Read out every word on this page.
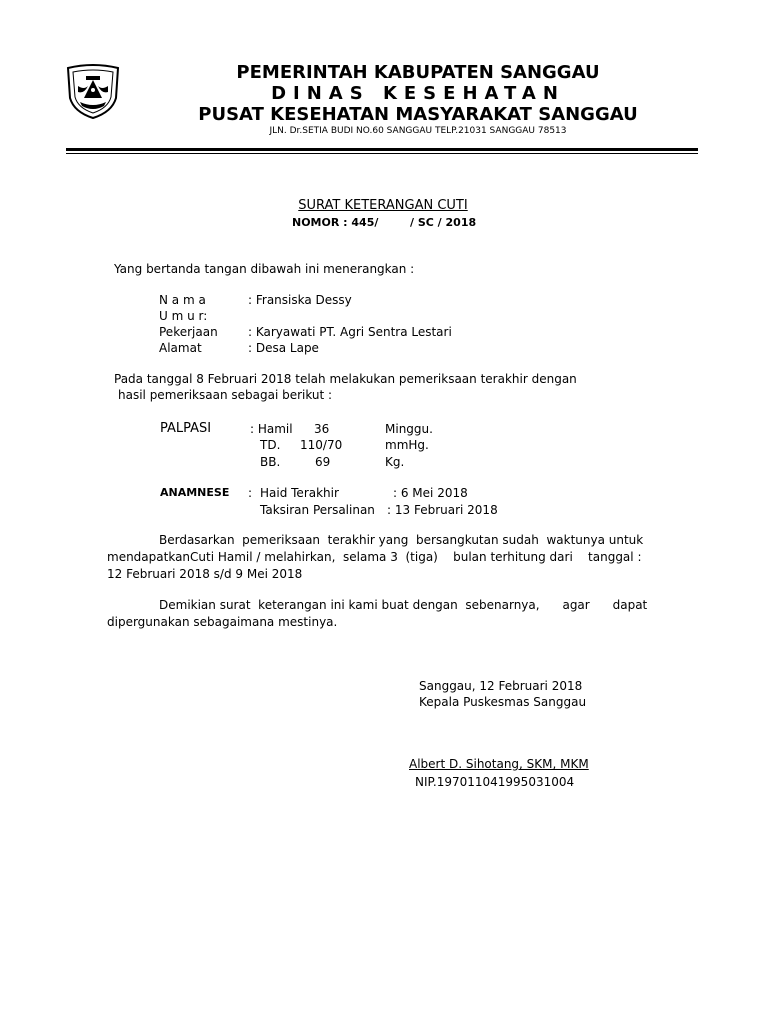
PEMERINTAH KABUPATEN SANGGAU
DINAS KESEHATAN
PUSAT KESEHATAN MASYARAKAT SANGGAU
JLN. Dr.SETIA BUDI NO.60 SANGGAU TELP.21031 SANGGAU 78513
SURAT KETERANGAN CUTI
NOMOR : 445/	/ SC / 2018
Yang bertanda tangan dibawah ini menerangkan :
N a m a	: Fransiska Dessy
U m u r:
Pekerjaan	: Karyawati PT. Agri Sentra Lestari
Alamat	: Desa Lape
Pada tanggal 8 Februari 2018 telah melakukan pemeriksaan terakhir dengan
hasil pemeriksaan sebagai berikut :
PALPASI	: Hamil 36	Minggu.
TD. 110/70	mmHg.
BB.	69	Kg.
ANAMNESE : Haid Terakhir	: 6 Mei 2018
Taksiran Persalinan : 13 Februari 2018
Berdasarkan  pemeriksaan  terakhir yang  bersangkutan sudah  waktunya untuk
mendapatkanCuti Hamil / melahirkan,  selama 3  (tiga)    bulan terhitung dari    tanggal :
12 Februari 2018 s/d 9 Mei 2018
Demikian surat  keterangan ini kami buat dengan  sebenarnya,      agar      dapat
dipergunakan sebagaimana mestinya.
Sanggau, 12 Februari 2018
Kepala Puskesmas Sanggau
Albert D. Sihotang, SKM, MKM
NIP.197011041995031004
